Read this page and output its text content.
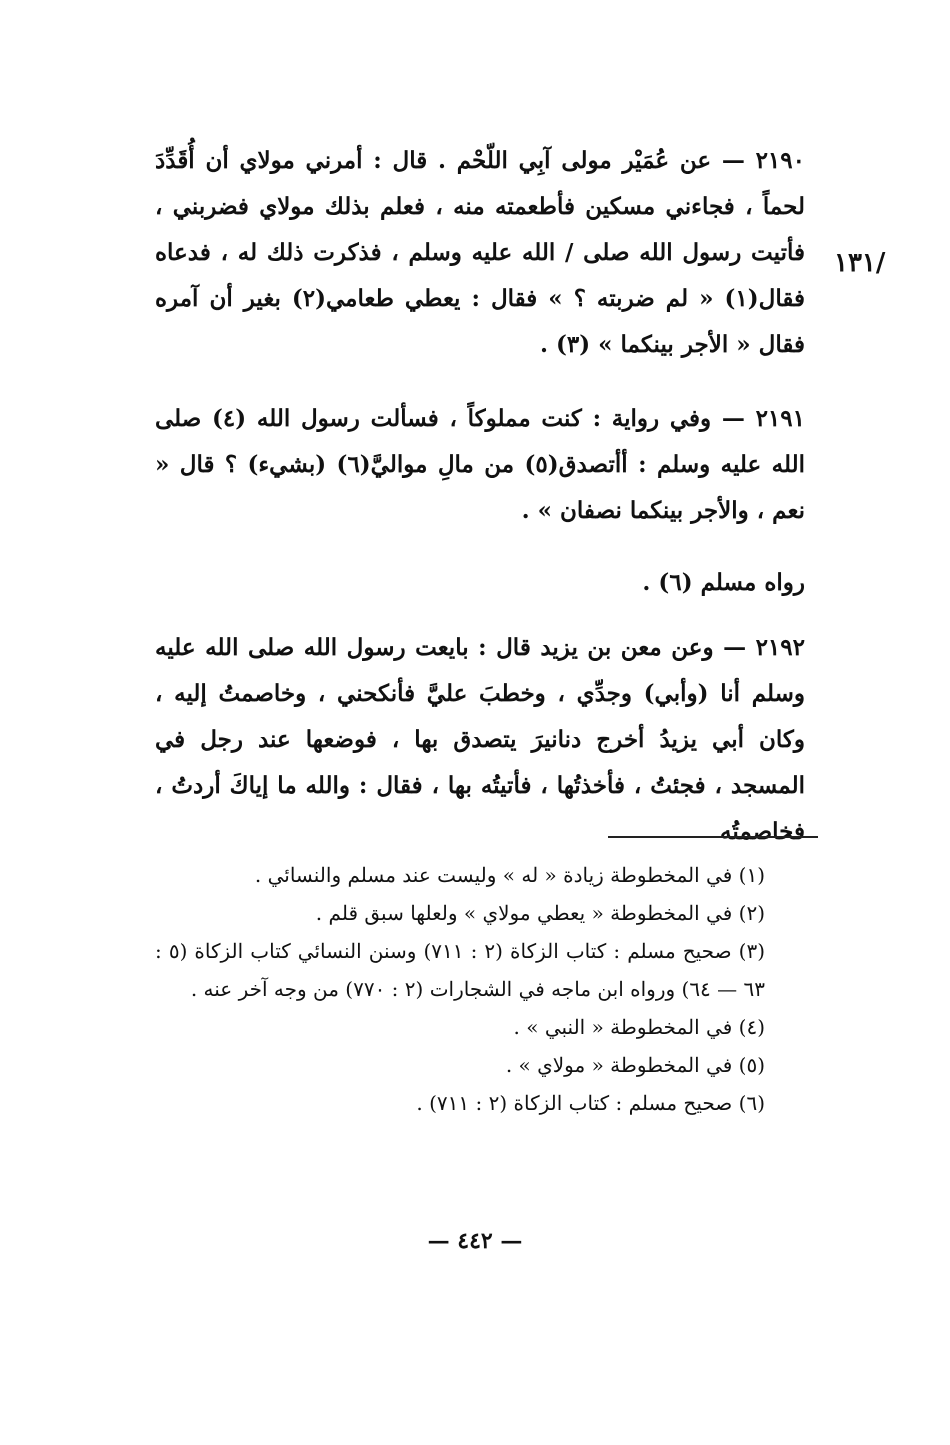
/١٣١

٢١٩٠ — عن عُمَيْر مولى آبِي اللّحْم . قال : أمرني مولاي أن أُقَدِّدَ لحماً ، فجاءني مسكين فأطعمته منه ، فعلم بذلك مولاي فضربني ، فأتيت رسول الله صلى / الله عليه وسلم ، فذكرت ذلك له ، فدعاه فقال(١) « لم ضربته ؟ » فقال : يعطي طعامي(٢) بغير أن آمره فقال « الأجر بينكما » (٣) .

٢١٩١ — وفي رواية : كنت مملوكاً ، فسألت رسول الله (٤) صلى الله عليه وسلم : أأتصدق(٥) من مالِ مواليَّ(٦) (بشيء) ؟ قال « نعم ، والأجر بينكما نصفان » .

رواه مسلم (٦) .

٢١٩٢ — وعن معن بن يزيد قال : بايعت رسول الله صلى الله عليه وسلم أنا (وأبي) وجدِّي ، وخطبَ عليَّ فأنكحني ، وخاصمتُ إليه ، وكان أبي يزيدُ أخرج دنانيرَ يتصدق بها ، فوضعها عند رجل في المسجد ، فجئتُ ، فأخذتُها ، فأتيتُه بها ، فقال : والله ما إياكَ أردتُ ، فخاصمتُه

(١) في المخطوطة زيادة « له » وليست عند مسلم والنسائي .

(٢) في المخطوطة « يعطي مولاي » ولعلها سبق قلم .

(٣) صحيح مسلم : كتاب الزكاة (٢ : ٧١١) وسنن النسائي كتاب الزكاة (٥ : ٦٣ — ٦٤) ورواه ابن ماجه في الشجارات (٢ : ٧٧٠) من وجه آخر عنه .

(٤) في المخطوطة « النبي » .

(٥) في المخطوطة « مولاي » .

(٦) صحيح مسلم : كتاب الزكاة (٢ : ٧١١) .

— ٤٤٢ —
